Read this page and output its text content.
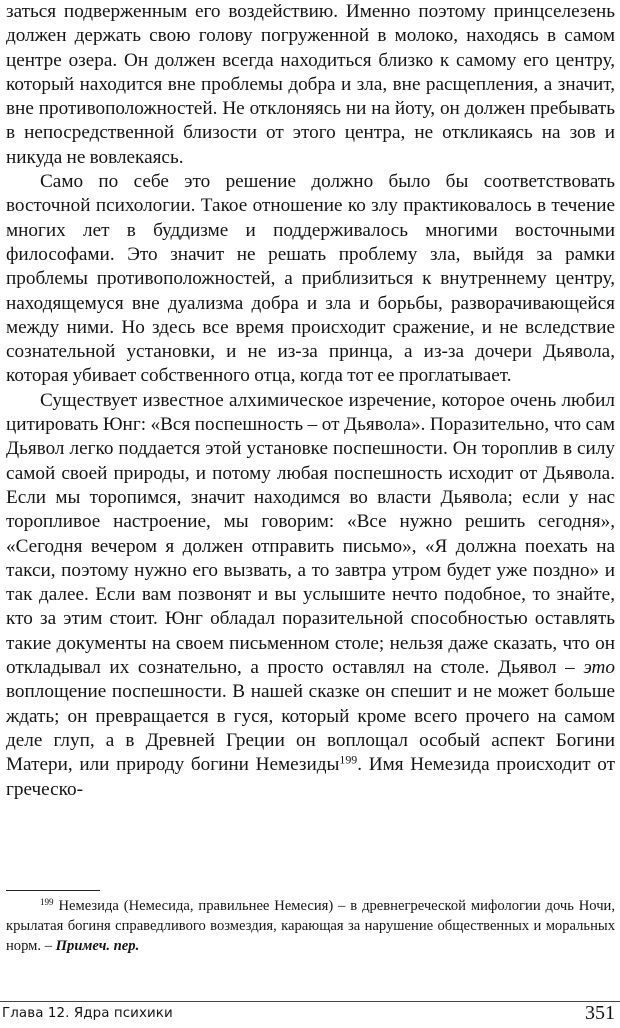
заться подверженным его воздействию. Именно поэтому принцселезень должен держать свою голову погруженной в молоко, находясь в самом центре озера. Он должен всегда находиться близко к самому его центру, который находится вне проблемы добра и зла, вне расщепления, а значит, вне противоположностей. Не отклоняясь ни на йоту, он должен пребывать в непосредственной близости от этого центра, не откликаясь на зов и никуда не вовлекаясь.

Само по себе это решение должно было бы соответствовать восточной психологии. Такое отношение ко злу практиковалось в течение многих лет в буддизме и поддерживалось многими восточными философами. Это значит не решать проблему зла, выйдя за рамки проблемы противоположностей, а приблизиться к внутреннему центру, находящемуся вне дуализма добра и зла и борьбы, разворачивающейся между ними. Но здесь все время происходит сражение, и не вследствие сознательной установки, и не из-за принца, а из-за дочери Дьявола, которая убивает собственного отца, когда тот ее проглатывает.

Существует известное алхимическое изречение, которое очень любил цитировать Юнг: «Вся поспешность – от Дьявола». Поразительно, что сам Дьявол легко поддается этой установке поспешности. Он тороплив в силу самой своей природы, и потому любая поспешность исходит от Дьявола. Если мы торопимся, значит находимся во власти Дьявола; если у нас торопливое настроение, мы говорим: «Все нужно решить сегодня», «Сегодня вечером я должен отправить письмо», «Я должна поехать на такси, поэтому нужно его вызвать, а то завтра утром будет уже поздно» и так далее. Если вам позвонят и вы услышите нечто подобное, то знайте, кто за этим стоит. Юнг обладал поразительной способностью оставлять такие документы на своем письменном столе; нельзя даже сказать, что он откладывал их сознательно, а просто оставлял на столе. Дьявол – это воплощение поспешности. В нашей сказке он спешит и не может больше ждать; он превращается в гуся, который кроме всего прочего на самом деле глуп, а в Древней Греции он воплощал особый аспект Богини Матери, или природу богини Немезиды$^{199}$. Имя Немезида происходит от греческо-

$^{199}$ Немезида (Немесида, правильнее Немесия) – в древнегреческой мифологии дочь Ночи, крылатая богиня справедливого возмездия, карающая за нарушение общественных и моральных норм. – Примеч. пер.

Глава 12. Ядра психики	351
